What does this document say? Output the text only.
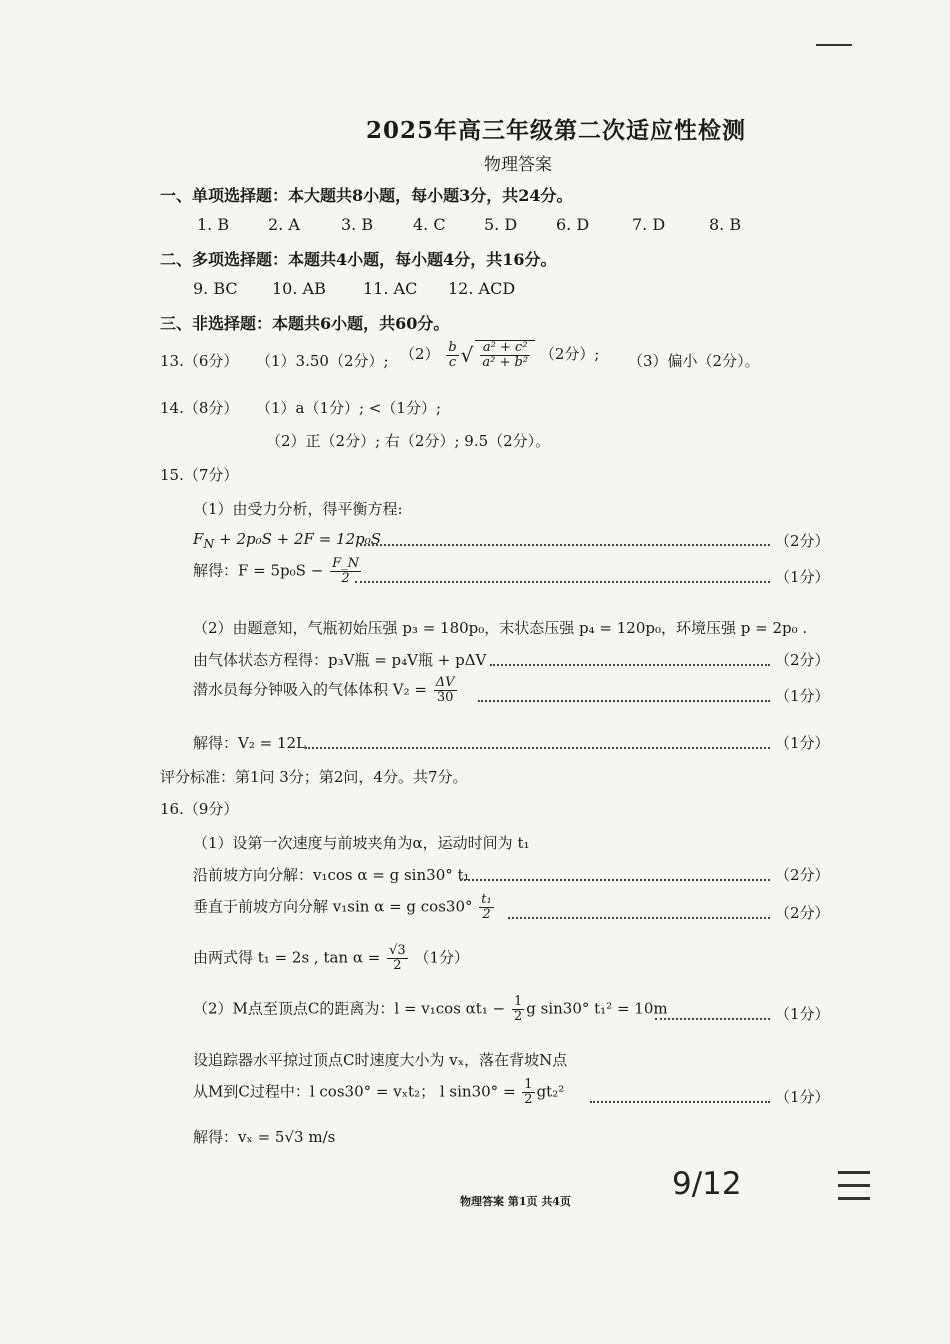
2025年高三年级第二次适应性检测
物理答案
一、单项选择题：本大题共8小题，每小题3分，共24分。
1. B 2. A	3. B 4. C 5. D 6. D	7. D	8. B
二、多项选择题：本题共4小题，每小题4分，共16分。
9. BC 10. AB 11. AC 12. ACD
三、非选择题：本题共6小题，共60分。
13.（6分） （1）3.50（2分）; $(2) \frac{b}{c}$ √ $\frac{\text{a² + c²}}{\text{a² + b²}} (2$分）; （3）偏小（2分）。
14.（8分） （1）a（1分）; <（1分）;
（2）正（2分）; 右（2分）; 9.5（2分）。
15.（7分）
（1）由受力分析，得平衡方程:
$F_N + 2p_0S + 2F = 12p_0S$	（2分）
解得：$F = 5p_0S - \frac{F\_N}{2}$	（1分）
（2）由题意知，气瓶初始压强 p₃ = 180p₀，末状态压强 p₄ = 120p₀，环境压强 p = 2p₀ .
由气体状态方程得：p₃V瓶 = p₄V瓶 + pΔV	（2分）
潜水员每分钟吸入的气体体积 $V_2 = \frac{\Delta V}{30}$	（1分）
解得：V₂ = 12L	（1分）
评分标准：第1问 3分；第2问，4分。共7分。
16.（9分）
（1）设第一次速度与前坡夹角为α，运动时间为 t₁
沿前坡方向分解：v₁cos α = g sin30° t₁	（2分）
垂直于前坡方向分解 v₁sin α = g $\cos 30^\circ \frac{\text{t₁}}{2}$	（2分）
由两式得 t₁ = 2s , $\tan \alpha = \frac{√3}{2} (1$分）
（2）M点至顶点C的距离为：l = v₁cos $\alpha t_1 - \frac{1}{2}$ g sin30° t₁² = 10m	（1分）
设追踪器水平掠过顶点C时速度大小为 vₓ，落在背坡N点
从M到C过程中：l cos30° = vₓt₂； l $\sin 30^\circ = \frac{1}{2} gt_2^2$	（1分）
解得：vₓ = 5√3 m/s
9/12
物理答案 第1页 共4页
